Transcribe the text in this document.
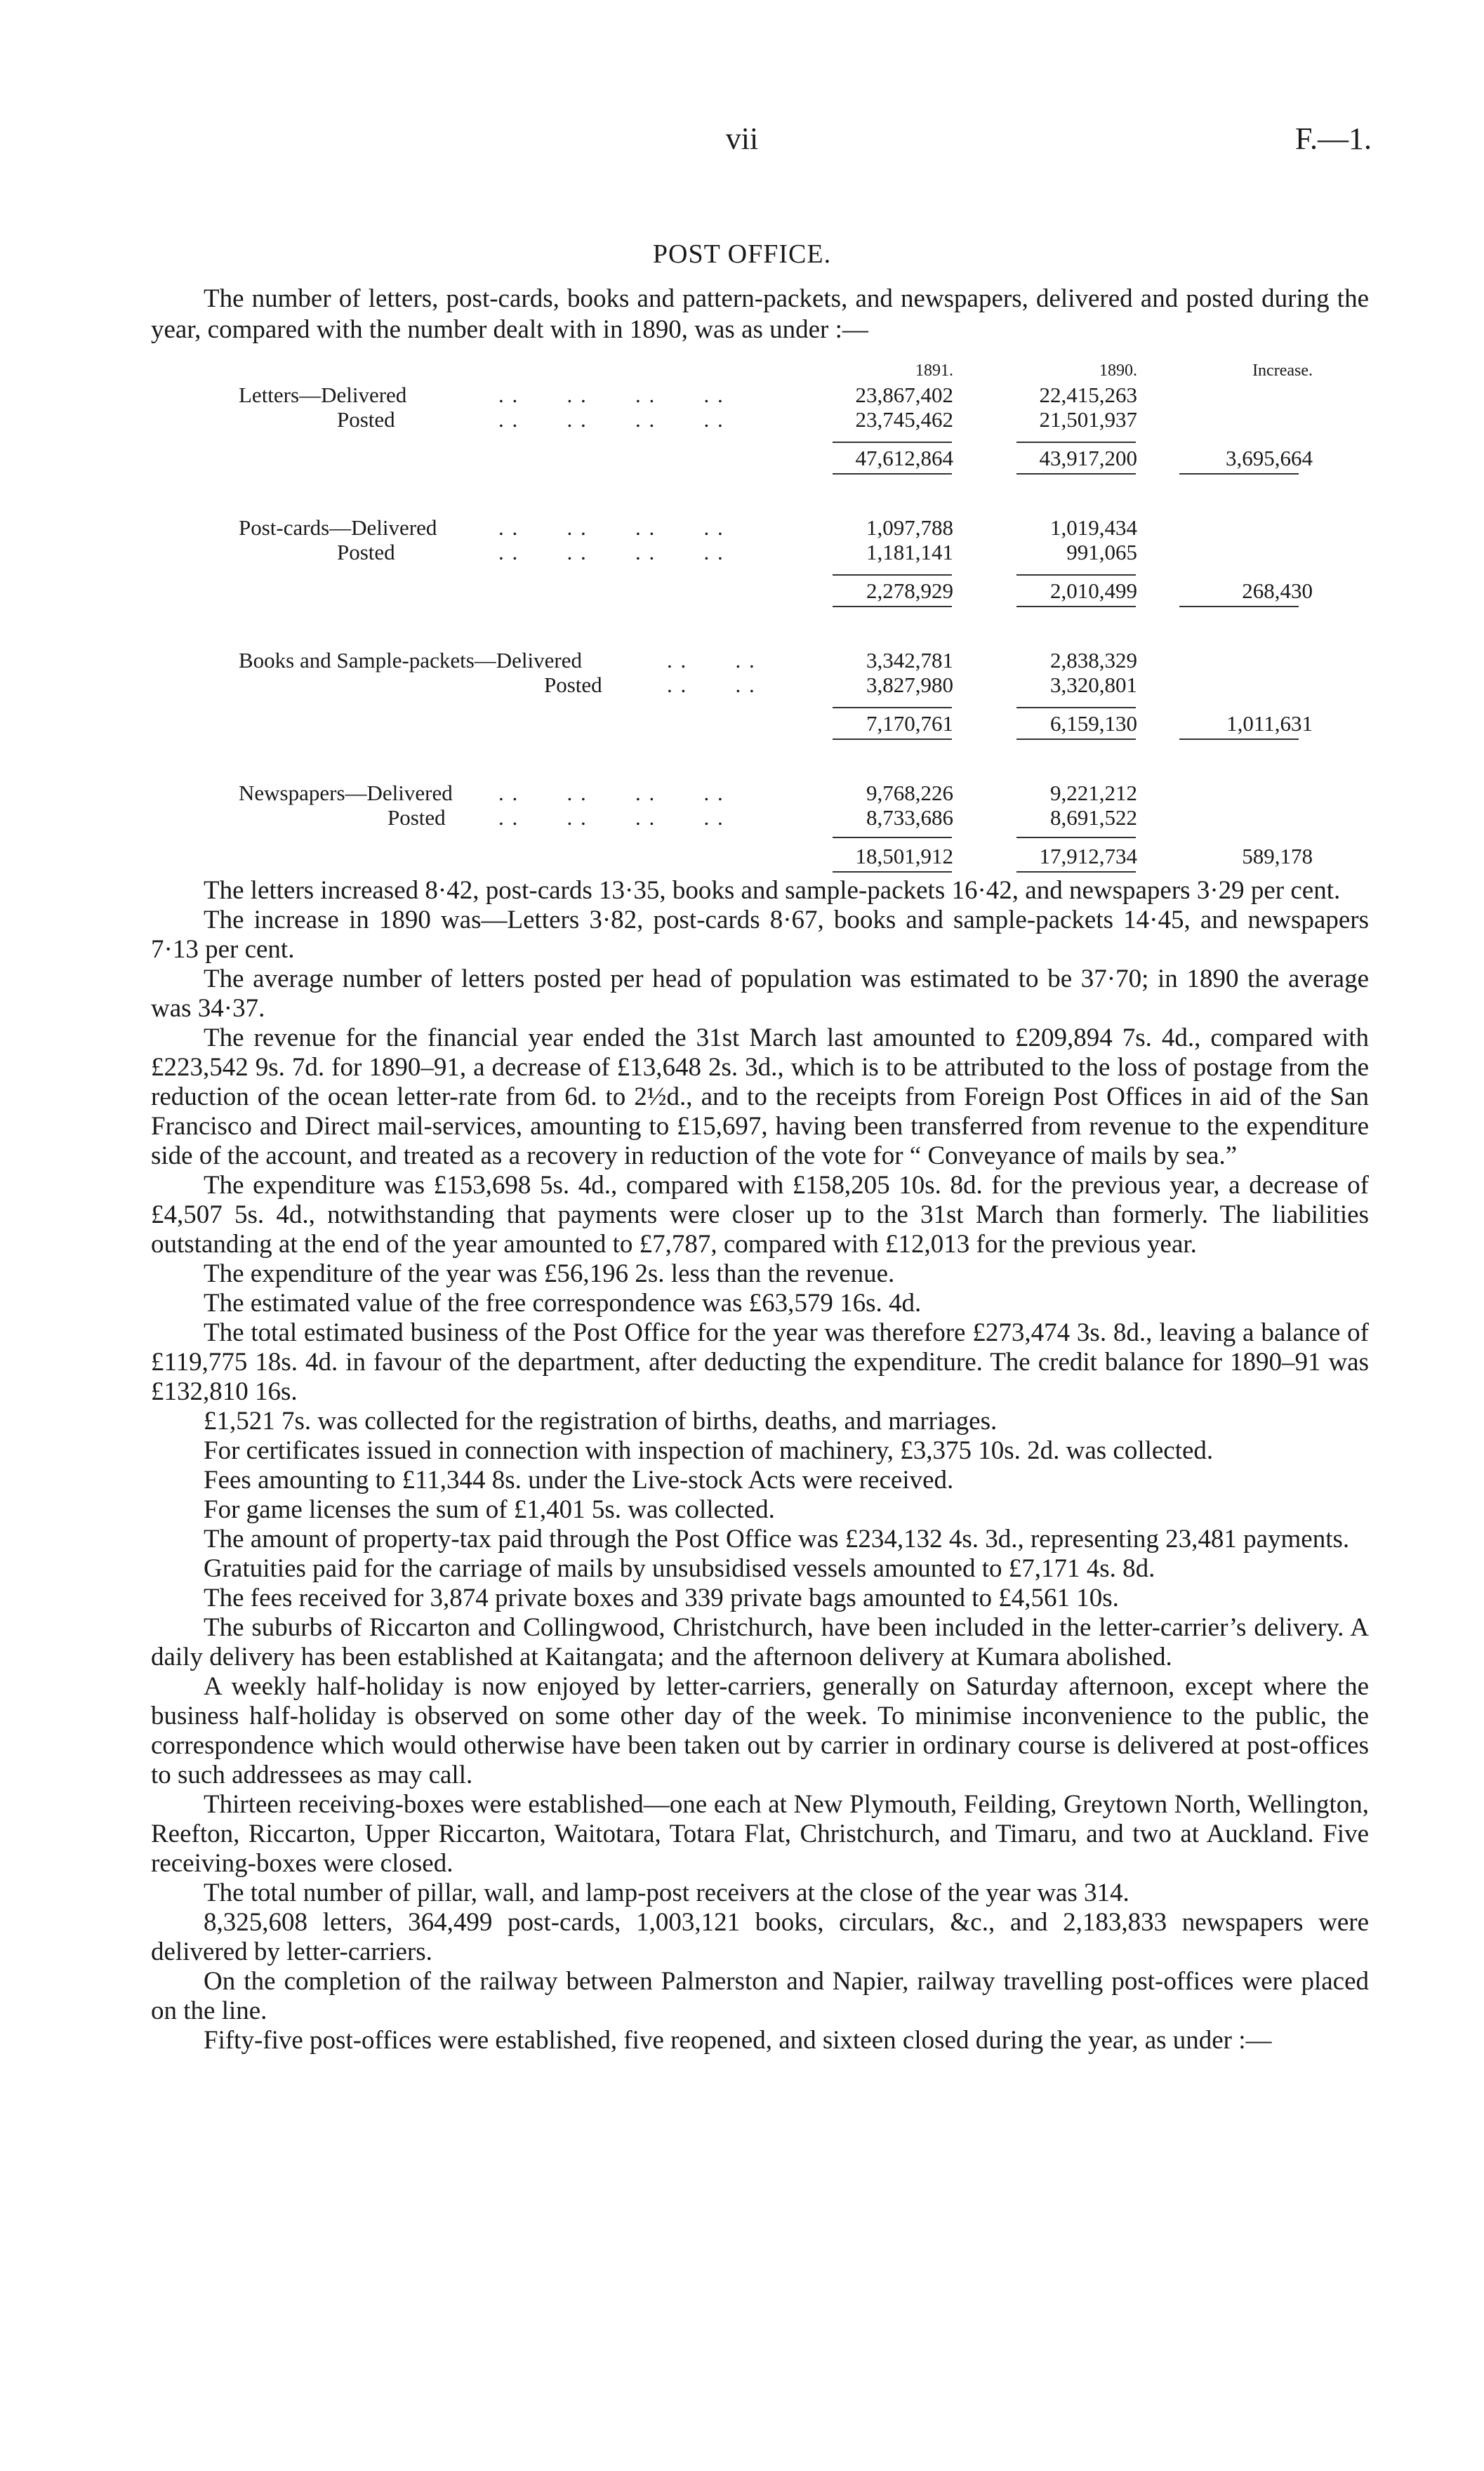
vii	F.—1.
POST OFFICE.

The number of letters, post-cards, books and pattern-packets, and newspapers, delivered and posted during the year, compared with the number dealt with in 1890, was as under :—

1891.	1890.	Increase.
Letters—Delivered	. .       . .       . .       . .	23,867,402	22,415,263
Posted	. .       . .       . .       . .	23,745,462	21,501,937
47,612,864	43,917,200	3,695,664
Post-cards—Delivered	. .       . .       . .       . .	1,097,788	1,019,434
Posted	. .       . .       . .       . .	1,181,141	991,065
2,278,929	2,010,499	268,430
Books and Sample-packets—Delivered	. .       . .	3,342,781	2,838,329
Posted	. .       . .	3,827,980	3,320,801
7,170,761	6,159,130	1,011,631
Newspapers—Delivered . .       . .       . .       . .	9,768,226	9,221,212
Posted . .       . .       . .       . .	8,733,686	8,691,522
18,501,912	17,912,734	589,178

The letters increased 8·42, post-cards 13·35, books and sample-packets 16·42, and newspapers 3·29 per cent.

The increase in 1890 was—Letters 3·82, post-cards 8·67, books and sample-packets 14·45, and newspapers 7·13 per cent.

The average number of letters posted per head of population was estimated to be 37·70; in 1890 the average was 34·37.

The revenue for the financial year ended the 31st March last amounted to £209,894 7s. 4d., compared with £223,542 9s. 7d. for 1890–91, a decrease of £13,648 2s. 3d., which is to be attributed to the loss of postage from the reduction of the ocean letter-rate from 6d. to 2½d., and to the receipts from Foreign Post Offices in aid of the San Francisco and Direct mail-services, amounting to £15,697, having been transferred from revenue to the expenditure side of the account, and treated as a recovery in reduction of the vote for “ Conveyance of mails by sea.”

The expenditure was £153,698 5s. 4d., compared with £158,205 10s. 8d. for the previous year, a decrease of £4,507 5s. 4d., notwithstanding that payments were closer up to the 31st March than formerly. The liabilities outstanding at the end of the year amounted to £7,787, compared with £12,013 for the previous year.

The expenditure of the year was £56,196 2s. less than the revenue.

The estimated value of the free correspondence was £63,579 16s. 4d.

The total estimated business of the Post Office for the year was therefore £273,474 3s. 8d., leaving a balance of £119,775 18s. 4d. in favour of the department, after deducting the expenditure. The credit balance for 1890–91 was £132,810 16s.

£1,521 7s. was collected for the registration of births, deaths, and marriages.

For certificates issued in connection with inspection of machinery, £3,375 10s. 2d. was collected.

Fees amounting to £11,344 8s. under the Live-stock Acts were received.

For game licenses the sum of £1,401 5s. was collected.

The amount of property-tax paid through the Post Office was £234,132 4s. 3d., representing 23,481 payments.

Gratuities paid for the carriage of mails by unsubsidised vessels amounted to £7,171 4s. 8d.

The fees received for 3,874 private boxes and 339 private bags amounted to £4,561 10s.

The suburbs of Riccarton and Collingwood, Christchurch, have been included in the letter-carrier’s delivery. A daily delivery has been established at Kaitangata; and the afternoon delivery at Kumara abolished.

A weekly half-holiday is now enjoyed by letter-carriers, generally on Saturday afternoon, except where the business half-holiday is observed on some other day of the week. To minimise inconvenience to the public, the correspondence which would otherwise have been taken out by carrier in ordinary course is delivered at post-offices to such addressees as may call.

Thirteen receiving-boxes were established—one each at New Plymouth, Feilding, Greytown North, Wellington, Reefton, Riccarton, Upper Riccarton, Waitotara, Totara Flat, Christchurch, and Timaru, and two at Auckland. Five receiving-boxes were closed.

The total number of pillar, wall, and lamp-post receivers at the close of the year was 314.

8,325,608 letters, 364,499 post-cards, 1,003,121 books, circulars, &c., and 2,183,833 newspapers were delivered by letter-carriers.

On the completion of the railway between Palmerston and Napier, railway travelling post-offices were placed on the line.

Fifty-five post-offices were established, five reopened, and sixteen closed during the year, as under :—
